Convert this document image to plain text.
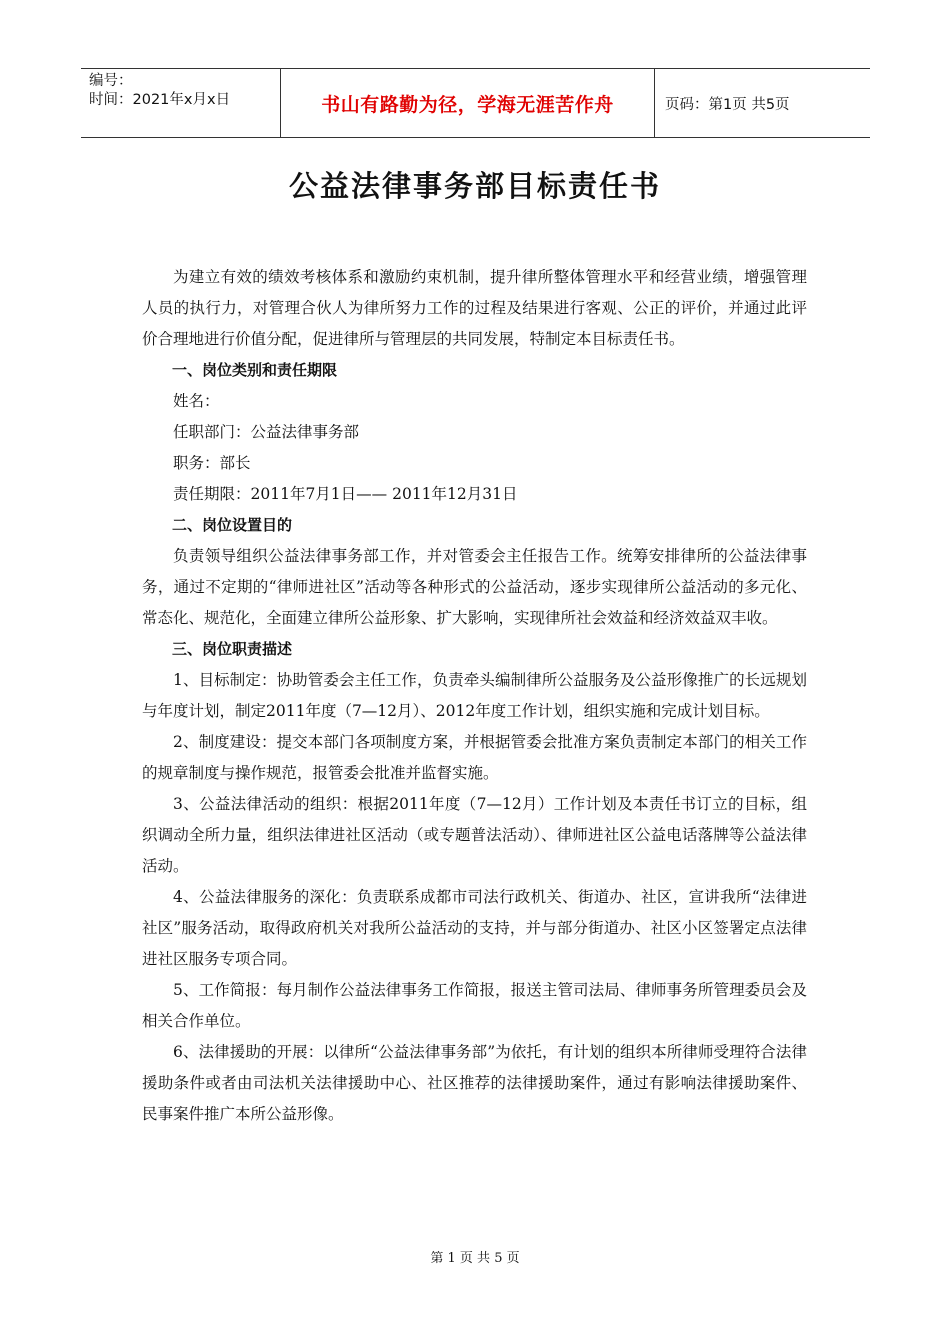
编号：
时间：2021年x月x日	书山有路勤为径，学海无涯苦作舟	页码：第1页 共5页
公益法律事务部目标责任书

为建立有效的绩效考核体系和激励约束机制，提升律所整体管理水平和经营业绩，增强管理人员的执行力，对管理合伙人为律所努力工作的过程及结果进行客观、公正的评价，并通过此评价合理地进行价值分配，促进律所与管理层的共同发展，特制定本目标责任书。

一、岗位类别和责任期限

姓名：

任职部门：公益法律事务部

职务：部长

责任期限：2011年7月1日—— 2011年12月31日

二、岗位设置目的

负责领导组织公益法律事务部工作，并对管委会主任报告工作。统筹安排律所的公益法律事务，通过不定期的“律师进社区”活动等各种形式的公益活动，逐步实现律所公益活动的多元化、常态化、规范化，全面建立律所公益形象、扩大影响，实现律所社会效益和经济效益双丰收。

三、岗位职责描述

1、目标制定：协助管委会主任工作，负责牵头编制律所公益服务及公益形像推广的长远规划与年度计划，制定2011年度（7—12月）、2012年度工作计划，组织实施和完成计划目标。

2、制度建设：提交本部门各项制度方案，并根据管委会批准方案负责制定本部门的相关工作的规章制度与操作规范，报管委会批准并监督实施。

3、公益法律活动的组织：根据2011年度（7—12月）工作计划及本责任书订立的目标，组织调动全所力量，组织法律进社区活动（或专题普法活动）、律师进社区公益电话落牌等公益法律活动。

4、公益法律服务的深化：负责联系成都市司法行政机关、街道办、社区，宣讲我所“法律进社区”服务活动，取得政府机关对我所公益活动的支持，并与部分街道办、社区小区签署定点法律进社区服务专项合同。

5、工作简报：每月制作公益法律事务工作简报，报送主管司法局、律师事务所管理委员会及相关合作单位。

6、法律援助的开展：以律所“公益法律事务部”为依托，有计划的组织本所律师受理符合法律援助条件或者由司法机关法律援助中心、社区推荐的法律援助案件，通过有影响法律援助案件、民事案件推广本所公益形像。

第 1 页 共 5 页
